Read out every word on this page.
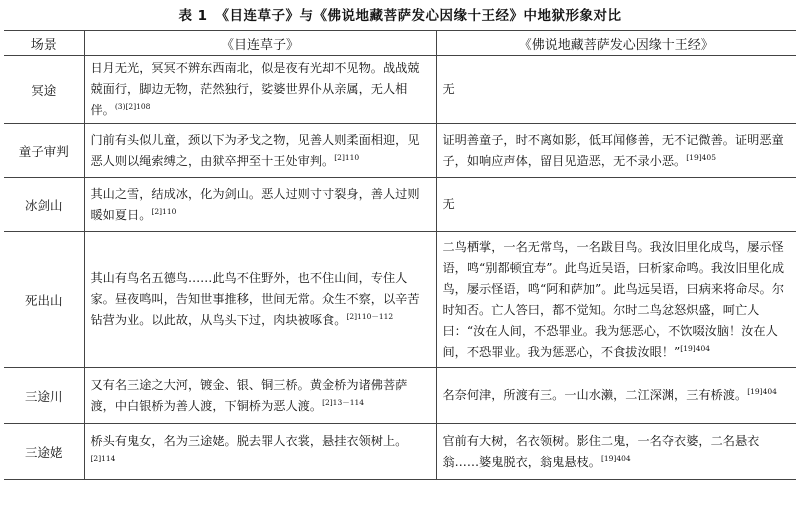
表 1 《目连草子》与《佛说地藏菩萨发心因缘十王经》中地狱形象对比
场景	《目连草子》	《佛说地藏菩萨发心因缘十王经》
冥途	日月无光，冥冥不辨东西南北，似是夜有光却不见物。战战兢兢面行，脚边无物，茫然独行，娑婆世界仆从亲属，无人相伴。$^{(3)[2]108}$	无
童子审判	门前有头似儿童，颈以下为矛戈之物，见善人则柔面相迎，见恶人则以绳索缚之，由狱卒押至十王处审判。$^{[2]110}$	证明善童子，时不离如影，低耳闻修善，无不记微善。证明恶童子，如响应声体，留目见造恶，无不录小恶。$^{[19]405}$
冰剑山	其山之雪，结成冰，化为剑山。恶人过则寸寸裂身，善人过则暖如夏日。$^{[2]110}$	无
死出山	其山有鸟名五德鸟……此鸟不住野外，也不住山间，专住人家。昼夜鸣叫，告知世事推移，世间无常。众生不察，以辛苦钻营为业。以此故，从鸟头下过，肉块被啄食。$^{[2]110-112}$	二鸟栖掌，一名无常鸟，一名跋目鸟。我汝旧里化成鸟，屡示怪语，鸣“别都顿宜寿”。此鸟近吴语，曰析家命鸣。我汝旧里化成鸟，屡示怪语，鸣“阿和萨加”。此鸟远吴语，曰病来将命尽。尔时知否。亡人答曰，都不觉知。尔时二鸟忿怒炽盛，呵亡人曰：“汝在人间，不恐罪业。我为惩恶心，不饮啜汝脑！汝在人间，不恐罪业。我为惩恶心，不食拔汝眼！”$^{[19]404}$
三途川	又有名三途之大河，镀金、银、铜三桥。黄金桥为诸佛菩萨渡，中白银桥为善人渡，下铜桥为恶人渡。$^{[2]13-114}$	名奈何津，所渡有三。一山水濑，二江深渊，三有桥渡。$^{[19]404}$
三途姥	桥头有鬼女，名为三途姥。脱去罪人衣裳，悬挂衣领树上。$^{[2]114}$	官前有大树，名衣领树。影住二鬼，一名夺衣婆，二名悬衣翁……婆鬼脱衣，翁鬼悬枝。$^{[19]404}$
